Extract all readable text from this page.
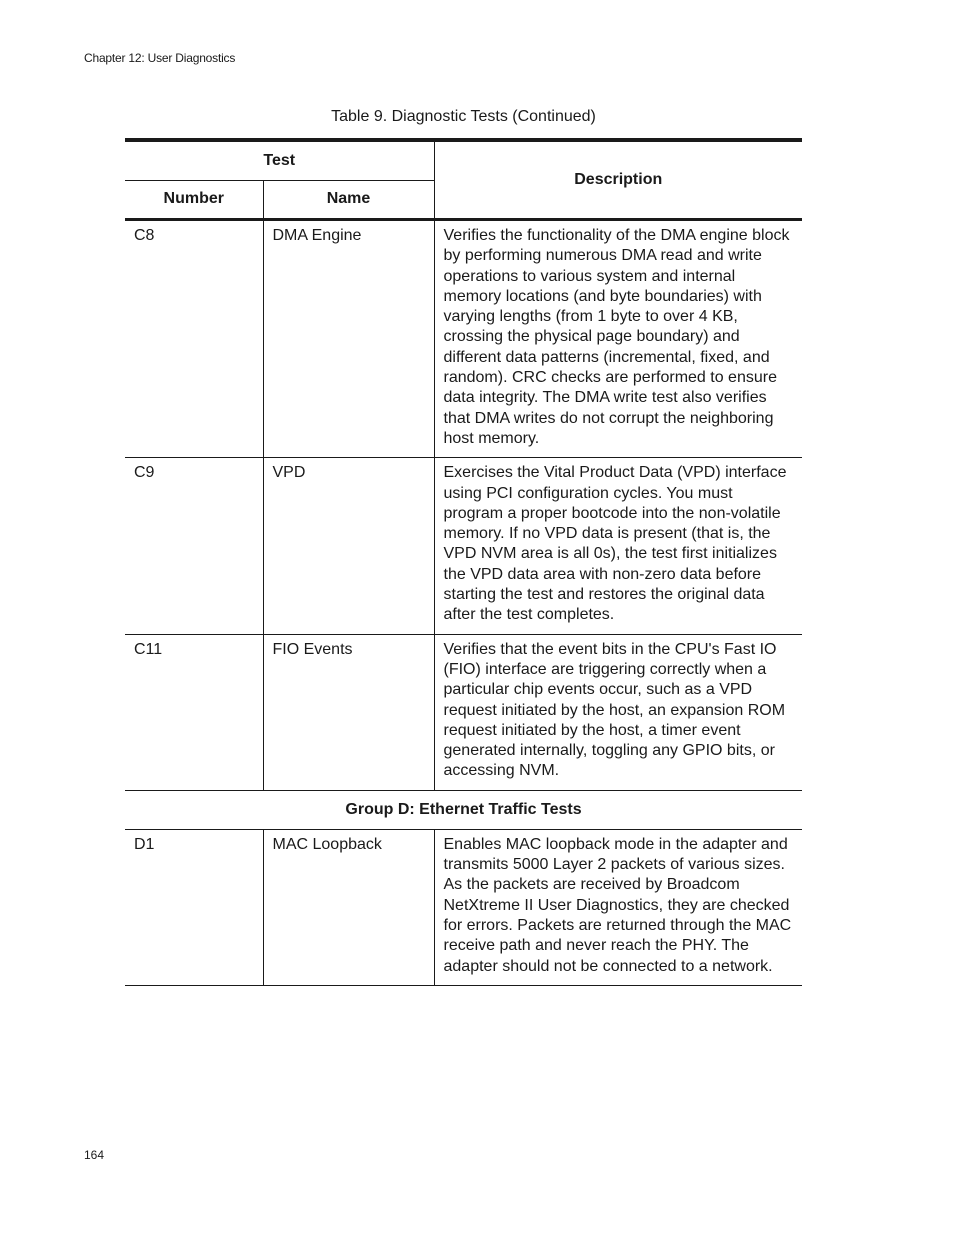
Chapter 12: User Diagnostics
Table 9. Diagnostic Tests (Continued)
Test		Description
Number	Name	
C8	DMA Engine	Verifies the functionality of the DMA engine block by performing numerous DMA read and write operations to various system and internal memory locations (and byte boundaries) with varying lengths (from 1 byte to over 4 KB, crossing the physical page boundary) and different data patterns (incremental, fixed, and random). CRC checks are performed to ensure data integrity. The DMA write test also verifies that DMA writes do not corrupt the neighboring host memory.
C9	VPD	Exercises the Vital Product Data (VPD) interface using PCI configuration cycles. You must program a proper bootcode into the non-volatile memory. If no VPD data is present (that is, the VPD NVM area is all 0s), the test first initializes the VPD data area with non-zero data before starting the test and restores the original data after the test completes.
C11	FIO Events	Verifies that the event bits in the CPU's Fast IO (FIO) interface are triggering correctly when a particular chip events occur, such as a VPD request initiated by the host, an expansion ROM request initiated by the host, a timer event generated internally, toggling any GPIO bits, or accessing NVM.
Group D: Ethernet Traffic Tests		
D1	MAC Loopback	Enables MAC loopback mode in the adapter and transmits 5000 Layer 2 packets of various sizes. As the packets are received by Broadcom NetXtreme II User Diagnostics, they are checked for errors. Packets are returned through the MAC receive path and never reach the PHY. The adapter should not be connected to a network.
164
